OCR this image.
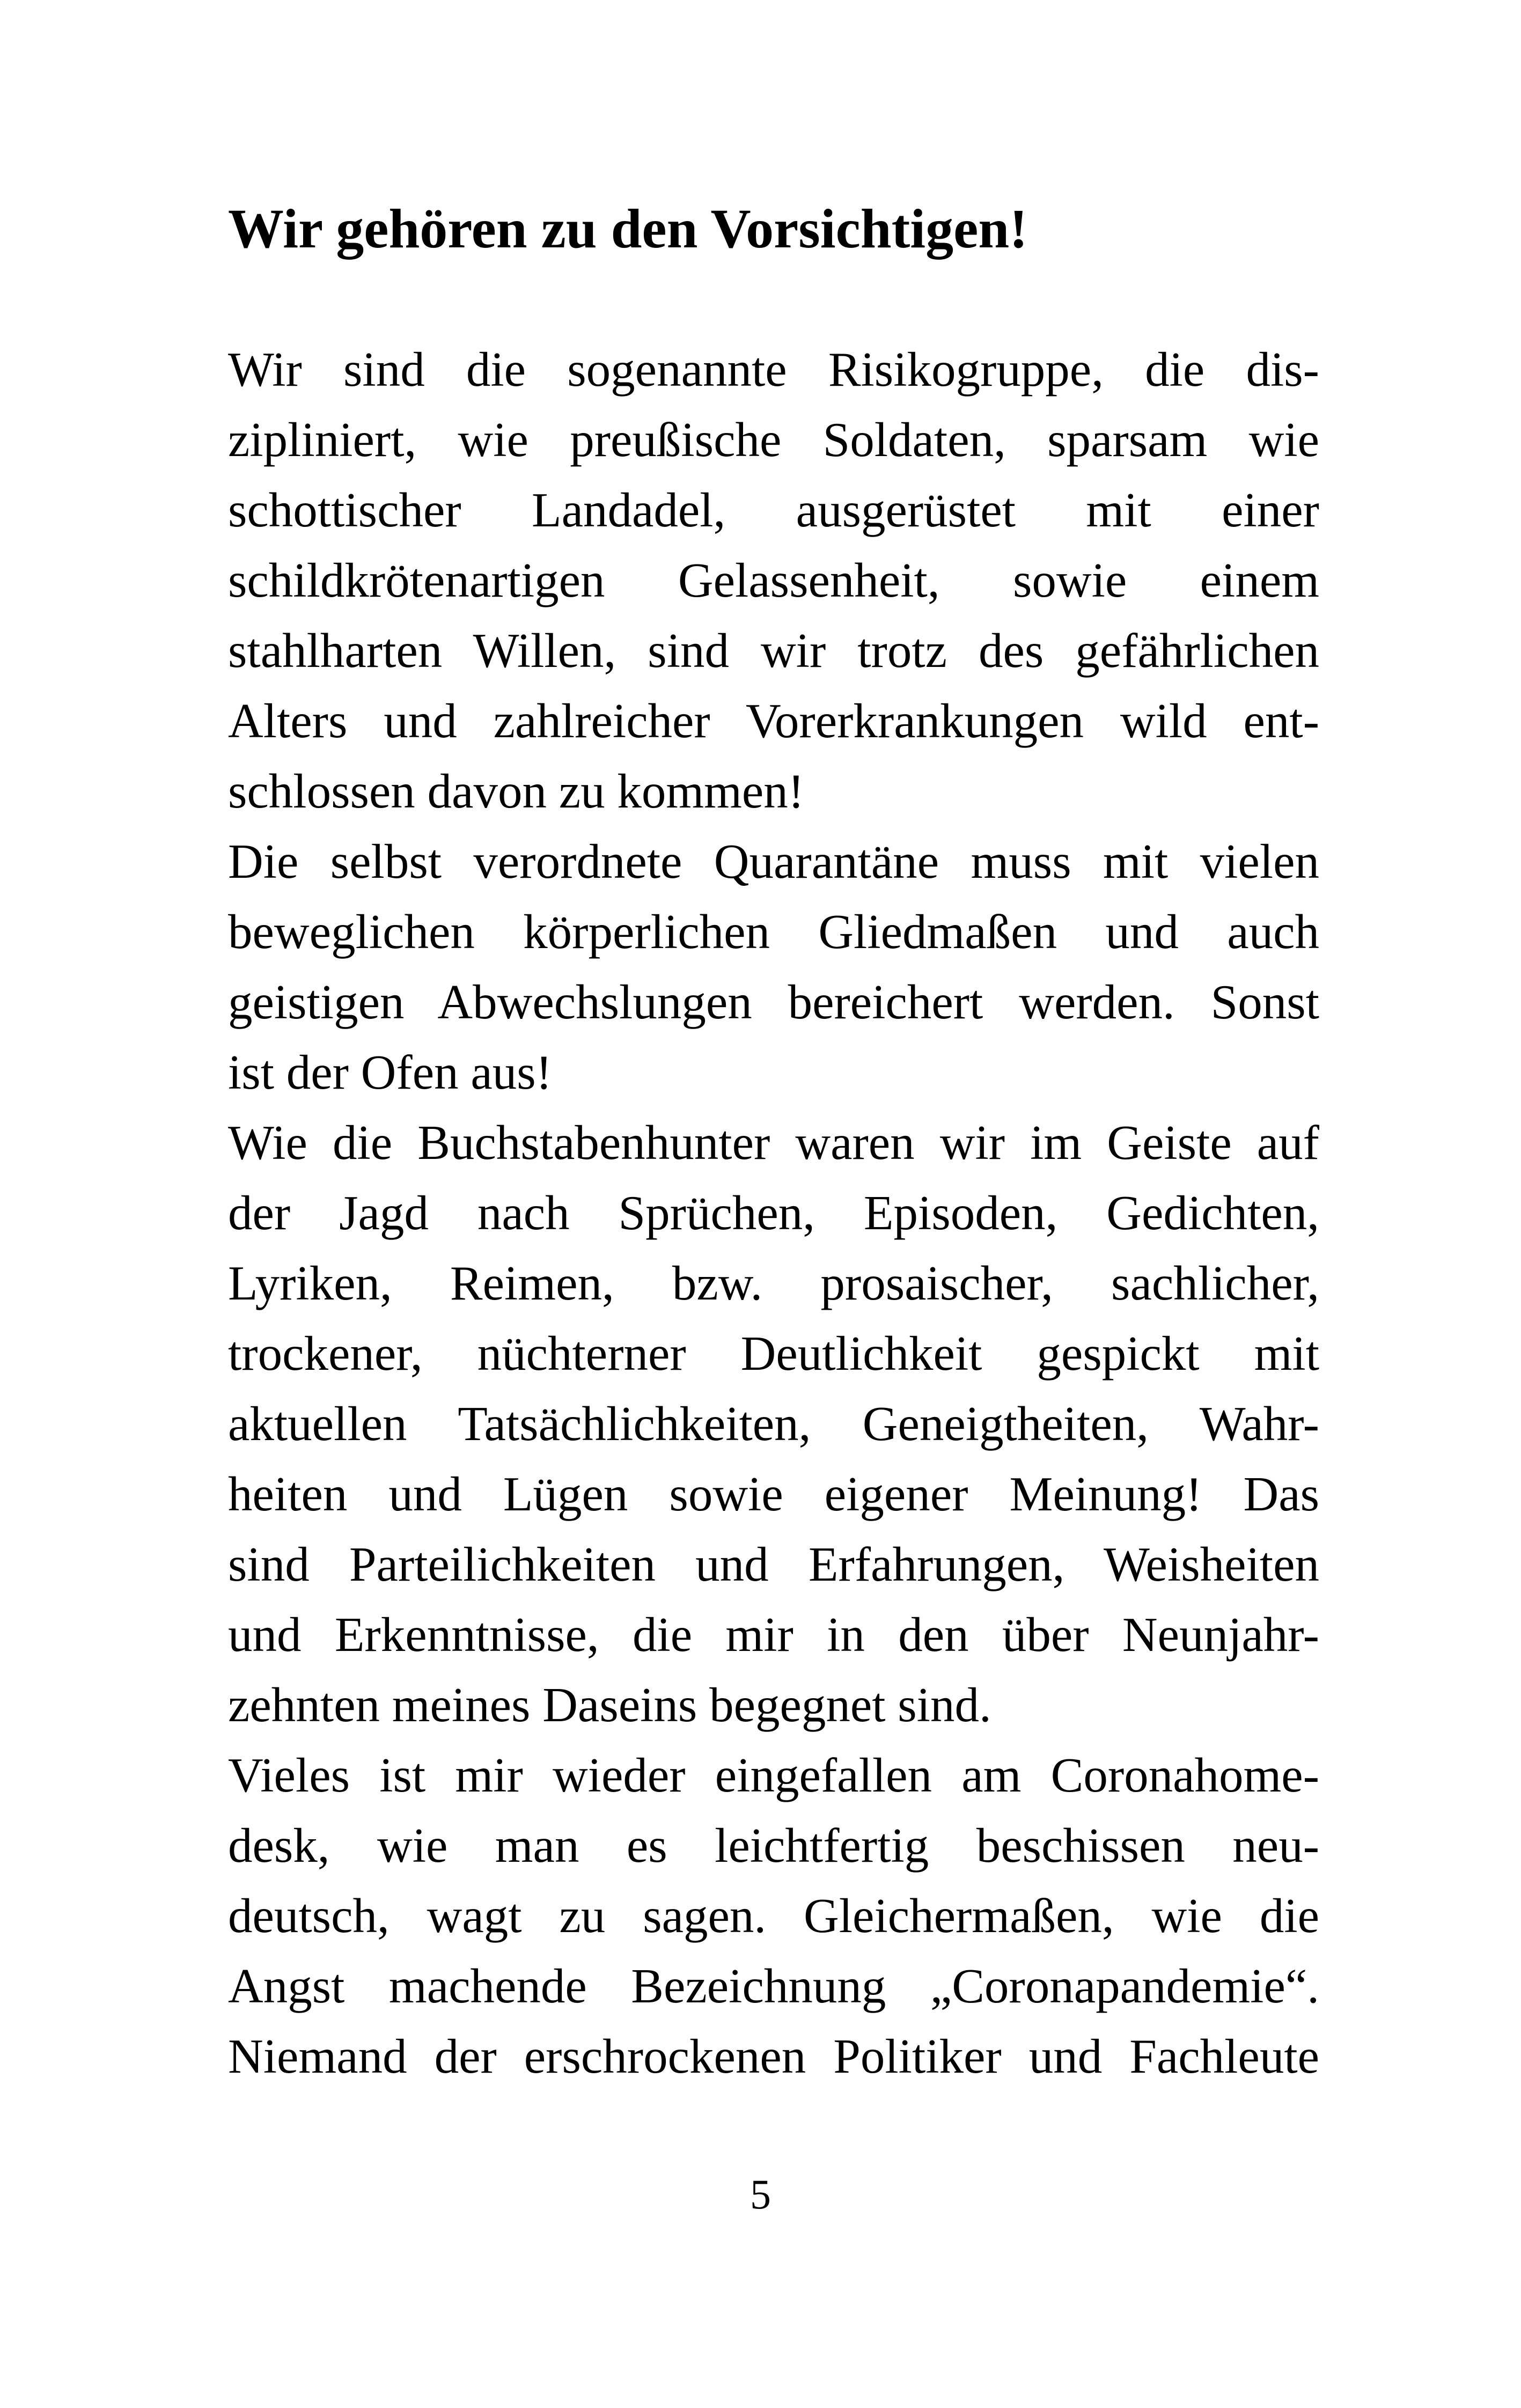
Wir gehören zu den Vorsichtigen!
Wir sind die sogenannte Risikogruppe, die dis-
zipliniert, wie preußische Soldaten, sparsam wie
schottischer Landadel, ausgerüstet mit einer
schildkrötenartigen Gelassenheit, sowie einem
stahlharten Willen, sind wir trotz des gefährlichen
Alters und zahlreicher Vorerkrankungen wild ent-
schlossen davon zu kommen!
Die selbst verordnete Quarantäne muss mit vielen
beweglichen körperlichen Gliedmaßen und auch
geistigen Abwechslungen bereichert werden. Sonst
ist der Ofen aus!
Wie die Buchstabenhunter waren wir im Geiste auf
der Jagd nach Sprüchen, Episoden, Gedichten,
Lyriken, Reimen, bzw. prosaischer, sachlicher,
trockener, nüchterner Deutlichkeit gespickt mit
aktuellen Tatsächlichkeiten, Geneigtheiten, Wahr-
heiten und Lügen sowie eigener Meinung! Das
sind Parteilichkeiten und Erfahrungen, Weisheiten
und Erkenntnisse, die mir in den über Neunjahr-
zehnten meines Daseins begegnet sind.
Vieles ist mir wieder eingefallen am Coronahome-
desk, wie man es leichtfertig beschissen neu-
deutsch, wagt zu sagen. Gleichermaßen, wie die
Angst machende Bezeichnung „Coronapandemie“.
Niemand der erschrockenen Politiker und Fachleute
5
